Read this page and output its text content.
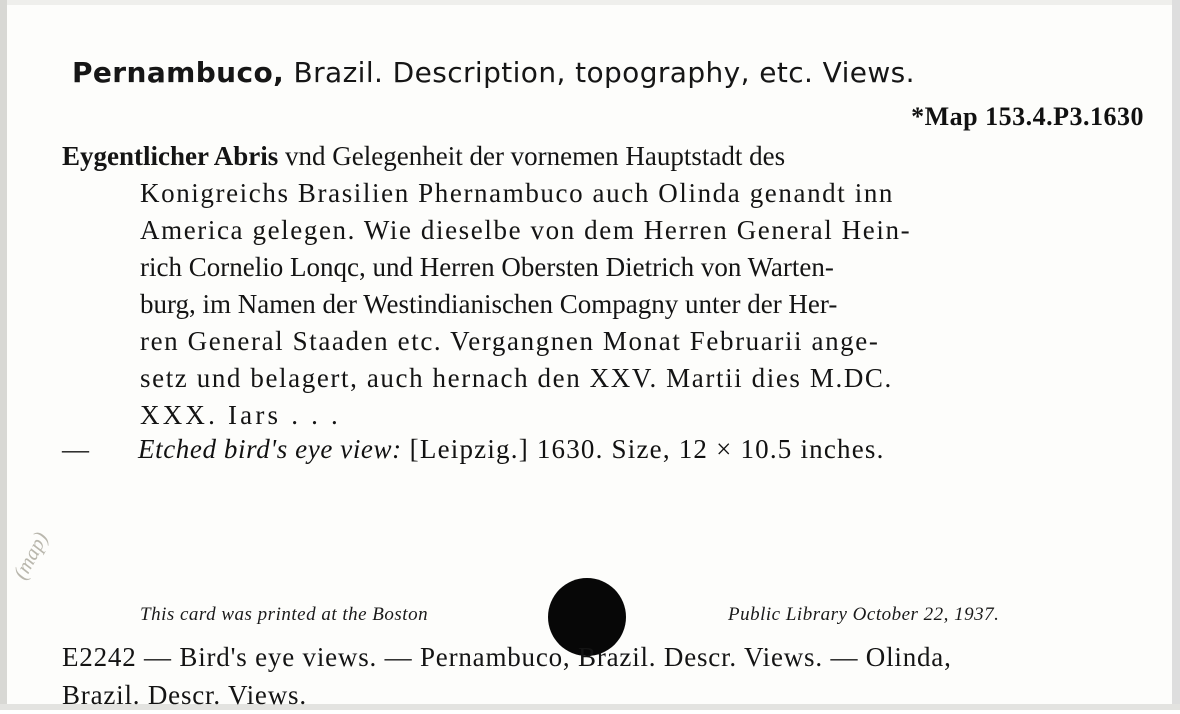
Pernambuco, Brazil. Description, topography, etc. Views.
*Map 153.4.P3.1630
Eygentlicher Abris vnd Gelegenheit der vornemen Hauptstadt des
Konigreichs Brasilien Phernambuco auch Olinda genandt inn
America gelegen. Wie dieselbe von dem Herren General Hein-
rich Cornelio Lonqc, und Herren Obersten Dietrich von Warten-
burg, im Namen der Westindianischen Compagny unter der Her-
ren General Staaden etc. Vergangnen Monat Februarii ange-
setz und belagert, auch hernach den XXV. Martii dies M.DC.
XXX. Iars . . .
— Etched bird's eye view: [Leipzig.] 1630. Size, 12 × 10.5 inches.
(map)
This card was printed at the Boston	Public Library October 22, 1937.
E2242 — Bird's eye views. — Pernambuco, Brazil. Descr. Views. — Olinda,
Brazil. Descr. Views.
